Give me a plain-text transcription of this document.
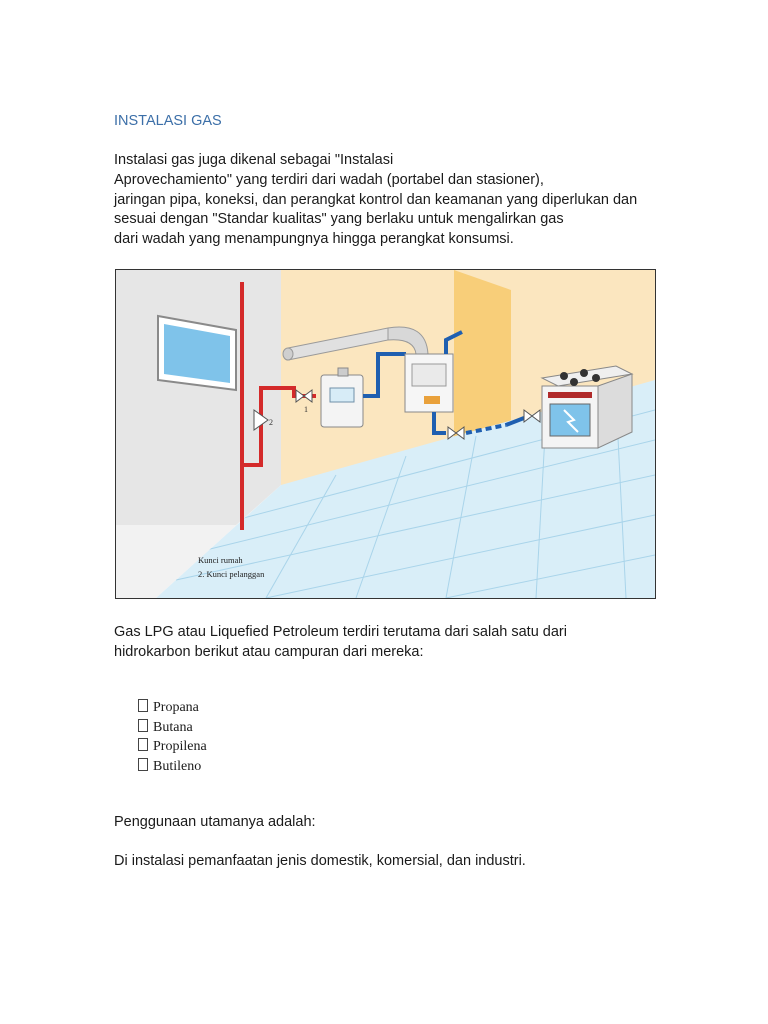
INSTALASI GAS
Instalasi gas juga dikenal sebagai "Instalasi
Aprovechamiento" yang terdiri dari wadah (portabel dan stasioner),
jaringan pipa, koneksi, dan perangkat kontrol dan keamanan yang diperlukan dan
sesuai dengan "Standar kualitas" yang berlaku untuk mengalirkan gas
dari wadah yang menampungnya hingga perangkat konsumsi.
2
1
Kunci rumah
2. Kunci pelanggan
Gas LPG atau Liquefied Petroleum terdiri terutama dari salah satu dari
hidrokarbon berikut atau campuran dari mereka:
Propana
Butana
Propilena
Butileno
Penggunaan utamanya adalah:
Di instalasi pemanfaatan jenis domestik, komersial, dan industri.
